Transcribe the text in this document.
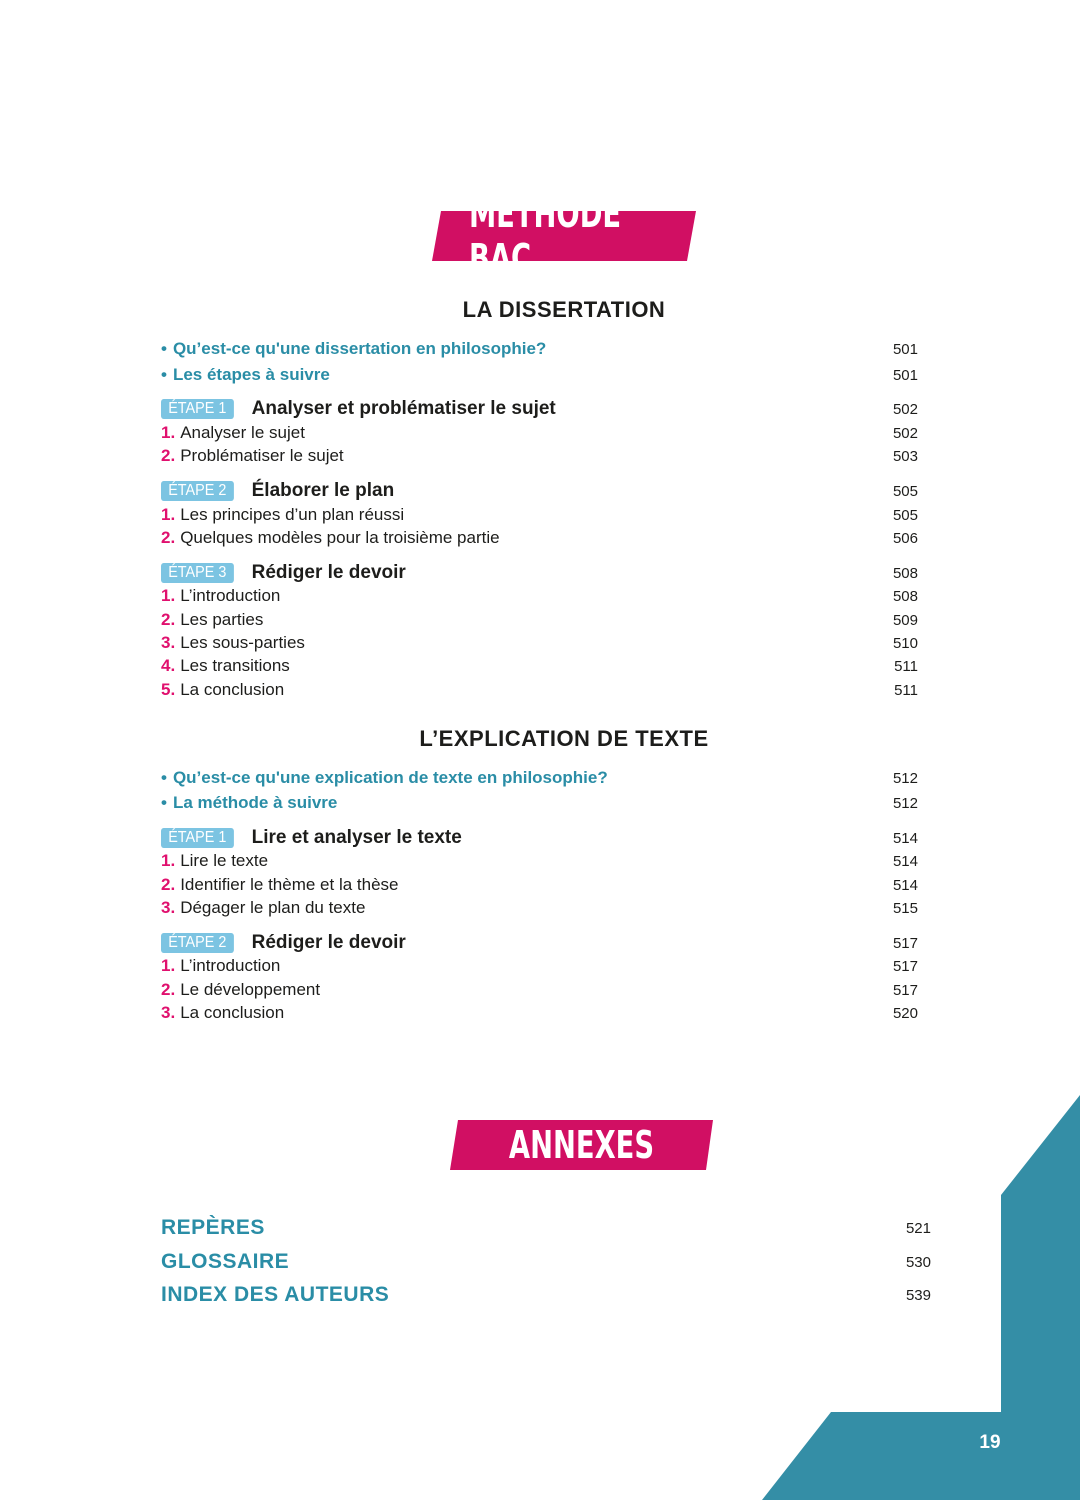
MÉTHODE BAC
LA DISSERTATION
• Qu’est-ce qu'une dissertation en philosophie?	501
• Les étapes à suivre	501
ÉTAPE 1	Analyser et problématiser le sujet	502
1. Analyser le sujet	502
2. Problématiser le sujet	503
ÉTAPE 2	Élaborer le plan	505
1. Les principes d’un plan réussi	505
2. Quelques modèles pour la troisième partie	506
ÉTAPE 3	Rédiger le devoir	508
1. L’introduction	508
2. Les parties	509
3. Les sous-parties	510
4. Les transitions	511
5. La conclusion	511
L’EXPLICATION DE TEXTE
• Qu’est-ce qu'une explication de texte en philosophie?	512
• La méthode à suivre	512
ÉTAPE 1	Lire et analyser le texte	514
1. Lire le texte	514
2. Identifier le thème et la thèse	514
3. Dégager le plan du texte	515
ÉTAPE 2	Rédiger le devoir	517
1. L’introduction	517
2. Le développement	517
3. La conclusion	520
ANNEXES
REPÈRES	521
GLOSSAIRE	530
INDEX DES AUTEURS	539
19
